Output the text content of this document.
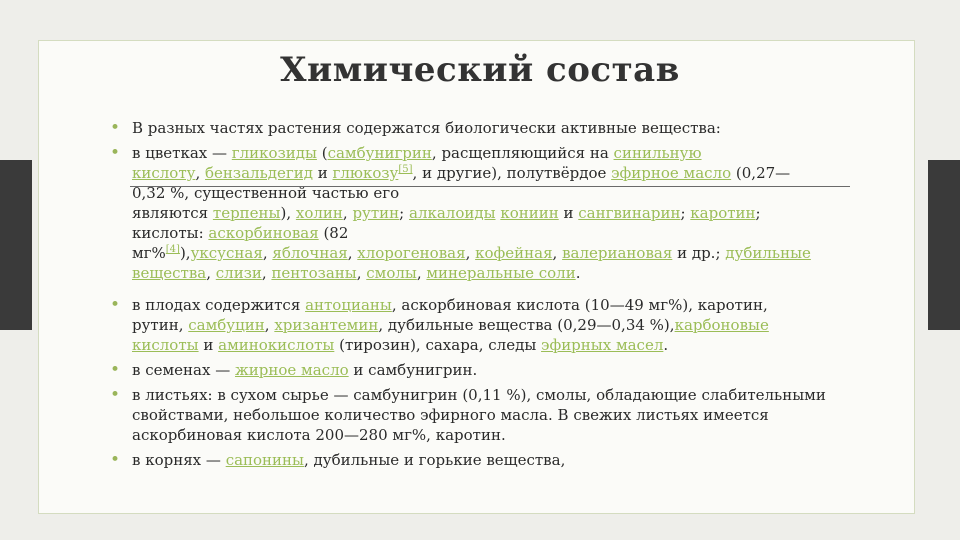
Химический состав
• В разных частях растения содержатся биологически активные вещества:
• в цветках — гликозиды (самбунигрин, расщепляющийся на синильную
кислоту, бензальдегид и глюкозу[5], и другие), полутвёрдое эфирное масло (0,27—
0,32 %, существенной частью его
являются терпены), холин, рутин; алкалоиды кониин и сангвинарин; каротин;
кислоты: аскорбиновая (82
мг%[4]),уксусная, яблочная, хлорогеновая, кофейная, валериановая и др.; дубильные
вещества, слизи, пентозаны, смолы, минеральные соли.
• в плодах содержится антоцианы, аскорбиновая кислота (10—49 мг%), каротин,
рутин, самбуцин, хризантемин, дубильные вещества (0,29—0,34 %),карбоновые
кислоты и аминокислоты (тирозин), сахара, следы эфирных масел.
• в семенах — жирное масло и самбунигрин.
• в листьях: в сухом сырье — самбунигрин (0,11 %), смолы, обладающие слабительными
свойствами, небольшое количество эфирного масла. В свежих листьях имеется
аскорбиновая кислота 200—280 мг%, каротин.
• в корнях — сапонины, дубильные и горькие вещества,
